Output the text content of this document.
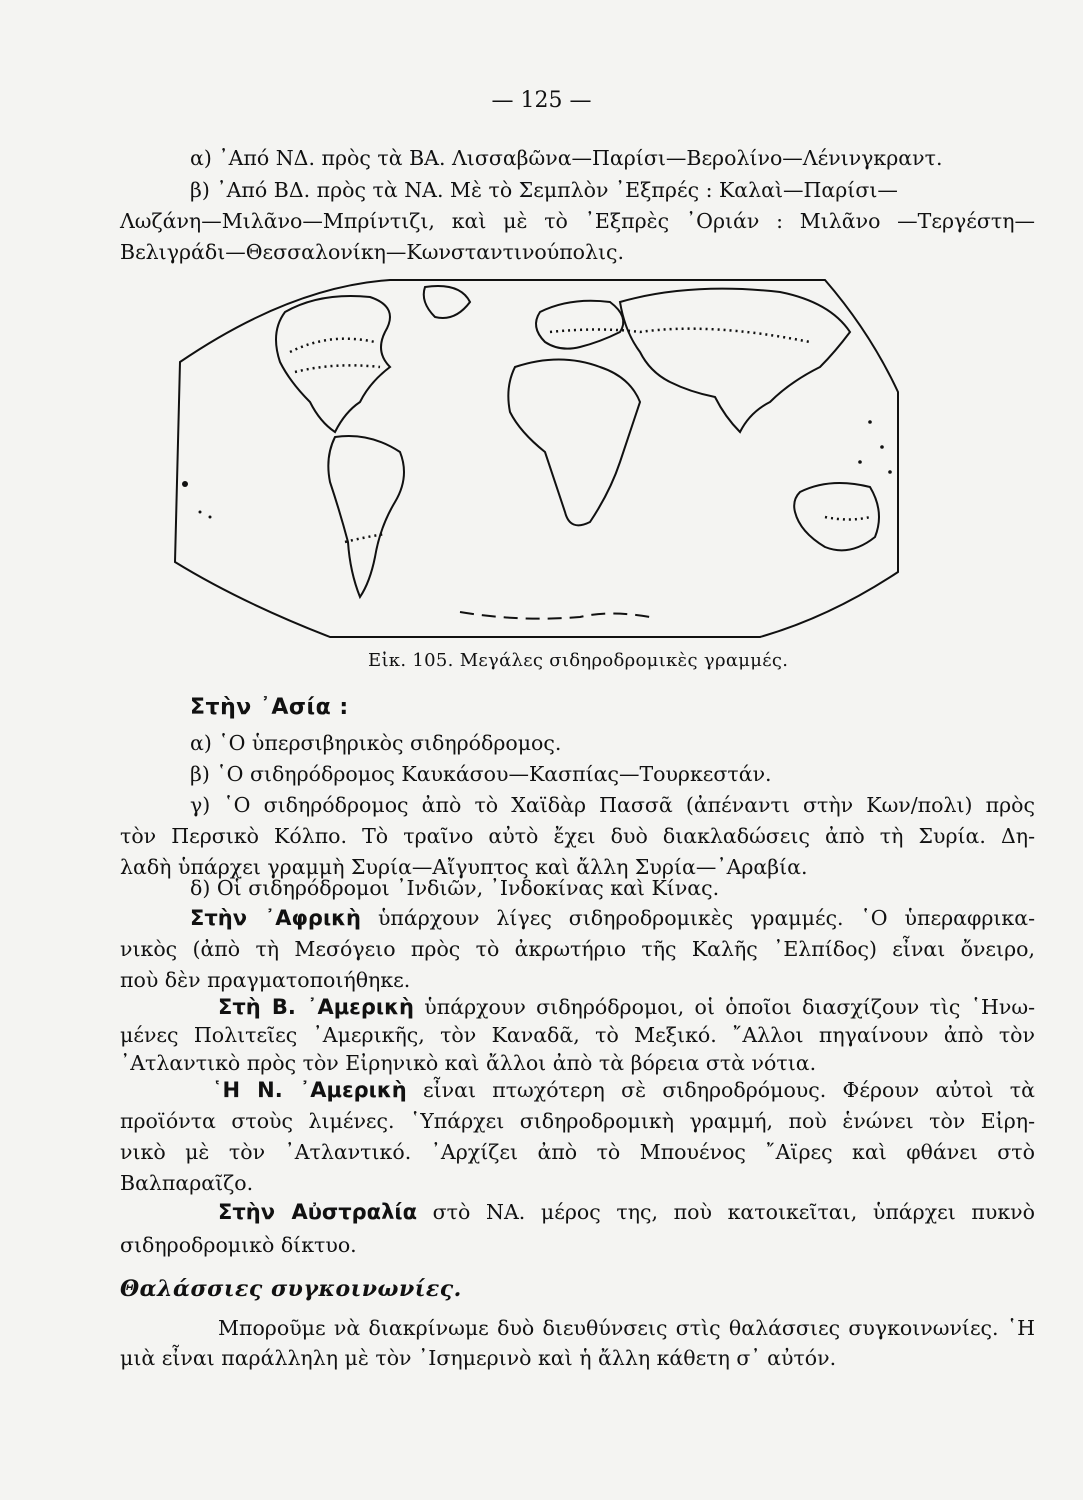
— 125 —
α) ᾿Από ΝΔ. πρὸς τὰ ΒΑ. Λισσαβῶνα—Παρίσι—Βερολίνο—Λένινγκραντ.
β) ᾿Από ΒΔ. πρὸς τὰ ΝΑ. Μὲ τὸ Σεμπλὸν ᾿Εξπρές : Καλαὶ—Παρίσι—
Λωζάνη—Μιλᾶνο—Μπρίντιζι, καὶ μὲ τὸ ᾿Εξπρὲς ᾿Οριάν : Μιλᾶνο —Τεργέστη—
Βελιγράδι—Θεσσαλονίκη—Κωνσταντινούπολις.
Εἰκ. 105. Μεγάλες σιδηροδρομικὲς γραμμές.
Στὴν ᾿Ασία :
α) ῾Ο ὑπερσιβηρικὸς σιδηρόδρομος.
β) ῾Ο σιδηρόδρομος Καυκάσου—Κασπίας—Τουρκεστάν.
γ) ῾Ο σιδηρόδρομος ἀπὸ τὸ Χαϊδὰρ Πασσᾶ (ἀπέναντι στὴν Κων/πολι) πρὸς
τὸν Περσικὸ Κόλπο. Τὸ τραῖνο αὐτὸ ἔχει δυὸ διακλαδώσεις ἀπὸ τὴ Συρία. Δη-
λαδὴ ὑπάρχει γραμμὴ Συρία—Αἴγυπτος καὶ ἄλλη Συρία—᾿Αραβία.
δ) Οἱ σιδηρόδρομοι ᾿Ινδιῶν, ᾿Ινδοκίνας καὶ Κίνας.
Στὴν ᾿Αφρικὴ ὑπάρχουν λίγες σιδηροδρομικὲς γραμμές. ῾Ο ὑπεραφρικα-
νικὸς (ἀπὸ τὴ Μεσόγειο πρὸς τὸ ἀκρωτήριο τῆς Καλῆς ᾿Ελπίδος) εἶναι ὄνειρο,
ποὺ δὲν πραγματοποιήθηκε.
Στὴ Β. ᾿Αμερικὴ ὑπάρχουν σιδηρόδρομοι, οἱ ὁποῖοι διασχίζουν τὶς ῾Ηνω-
μένες Πολιτεῖες ᾿Αμερικῆς, τὸν Καναδᾶ, τὸ Μεξικό. ῎Αλλοι πηγαίνουν ἀπὸ τὸν
᾿Ατλαντικὸ πρὸς τὸν Εἰρηνικὸ καὶ ἄλλοι ἀπὸ τὰ βόρεια στὰ νότια.
῾Η Ν. ᾿Αμερικὴ εἶναι πτωχότερη σὲ σιδηροδρόμους. Φέρουν αὐτοὶ τὰ
προϊόντα στοὺς λιμένες. ῾Υπάρχει σιδηροδρομικὴ γραμμή, ποὺ ἑνώνει τὸν Εἰρη-
νικὸ μὲ τὸν ᾿Ατλαντικό. ᾿Αρχίζει ἀπὸ τὸ Μπουένος ῎Αϊρες καὶ φθάνει στὸ
Βαλπαραῖζο.
Στὴν Αὐστραλία στὸ ΝΑ. μέρος της, ποὺ κατοικεῖται, ὑπάρχει πυκνὸ
σιδηροδρομικὸ δίκτυο.
Θαλάσσιες συγκοινωνίες.
Μποροῦμε νὰ διακρίνωμε δυὸ διευθύνσεις στὶς θαλάσσιες συγκοινωνίες. ῾Η
μιὰ εἶναι παράλληλη μὲ τὸν ᾿Ισημερινὸ καὶ ἡ ἄλλη κάθετη σ᾿ αὐτόν.
